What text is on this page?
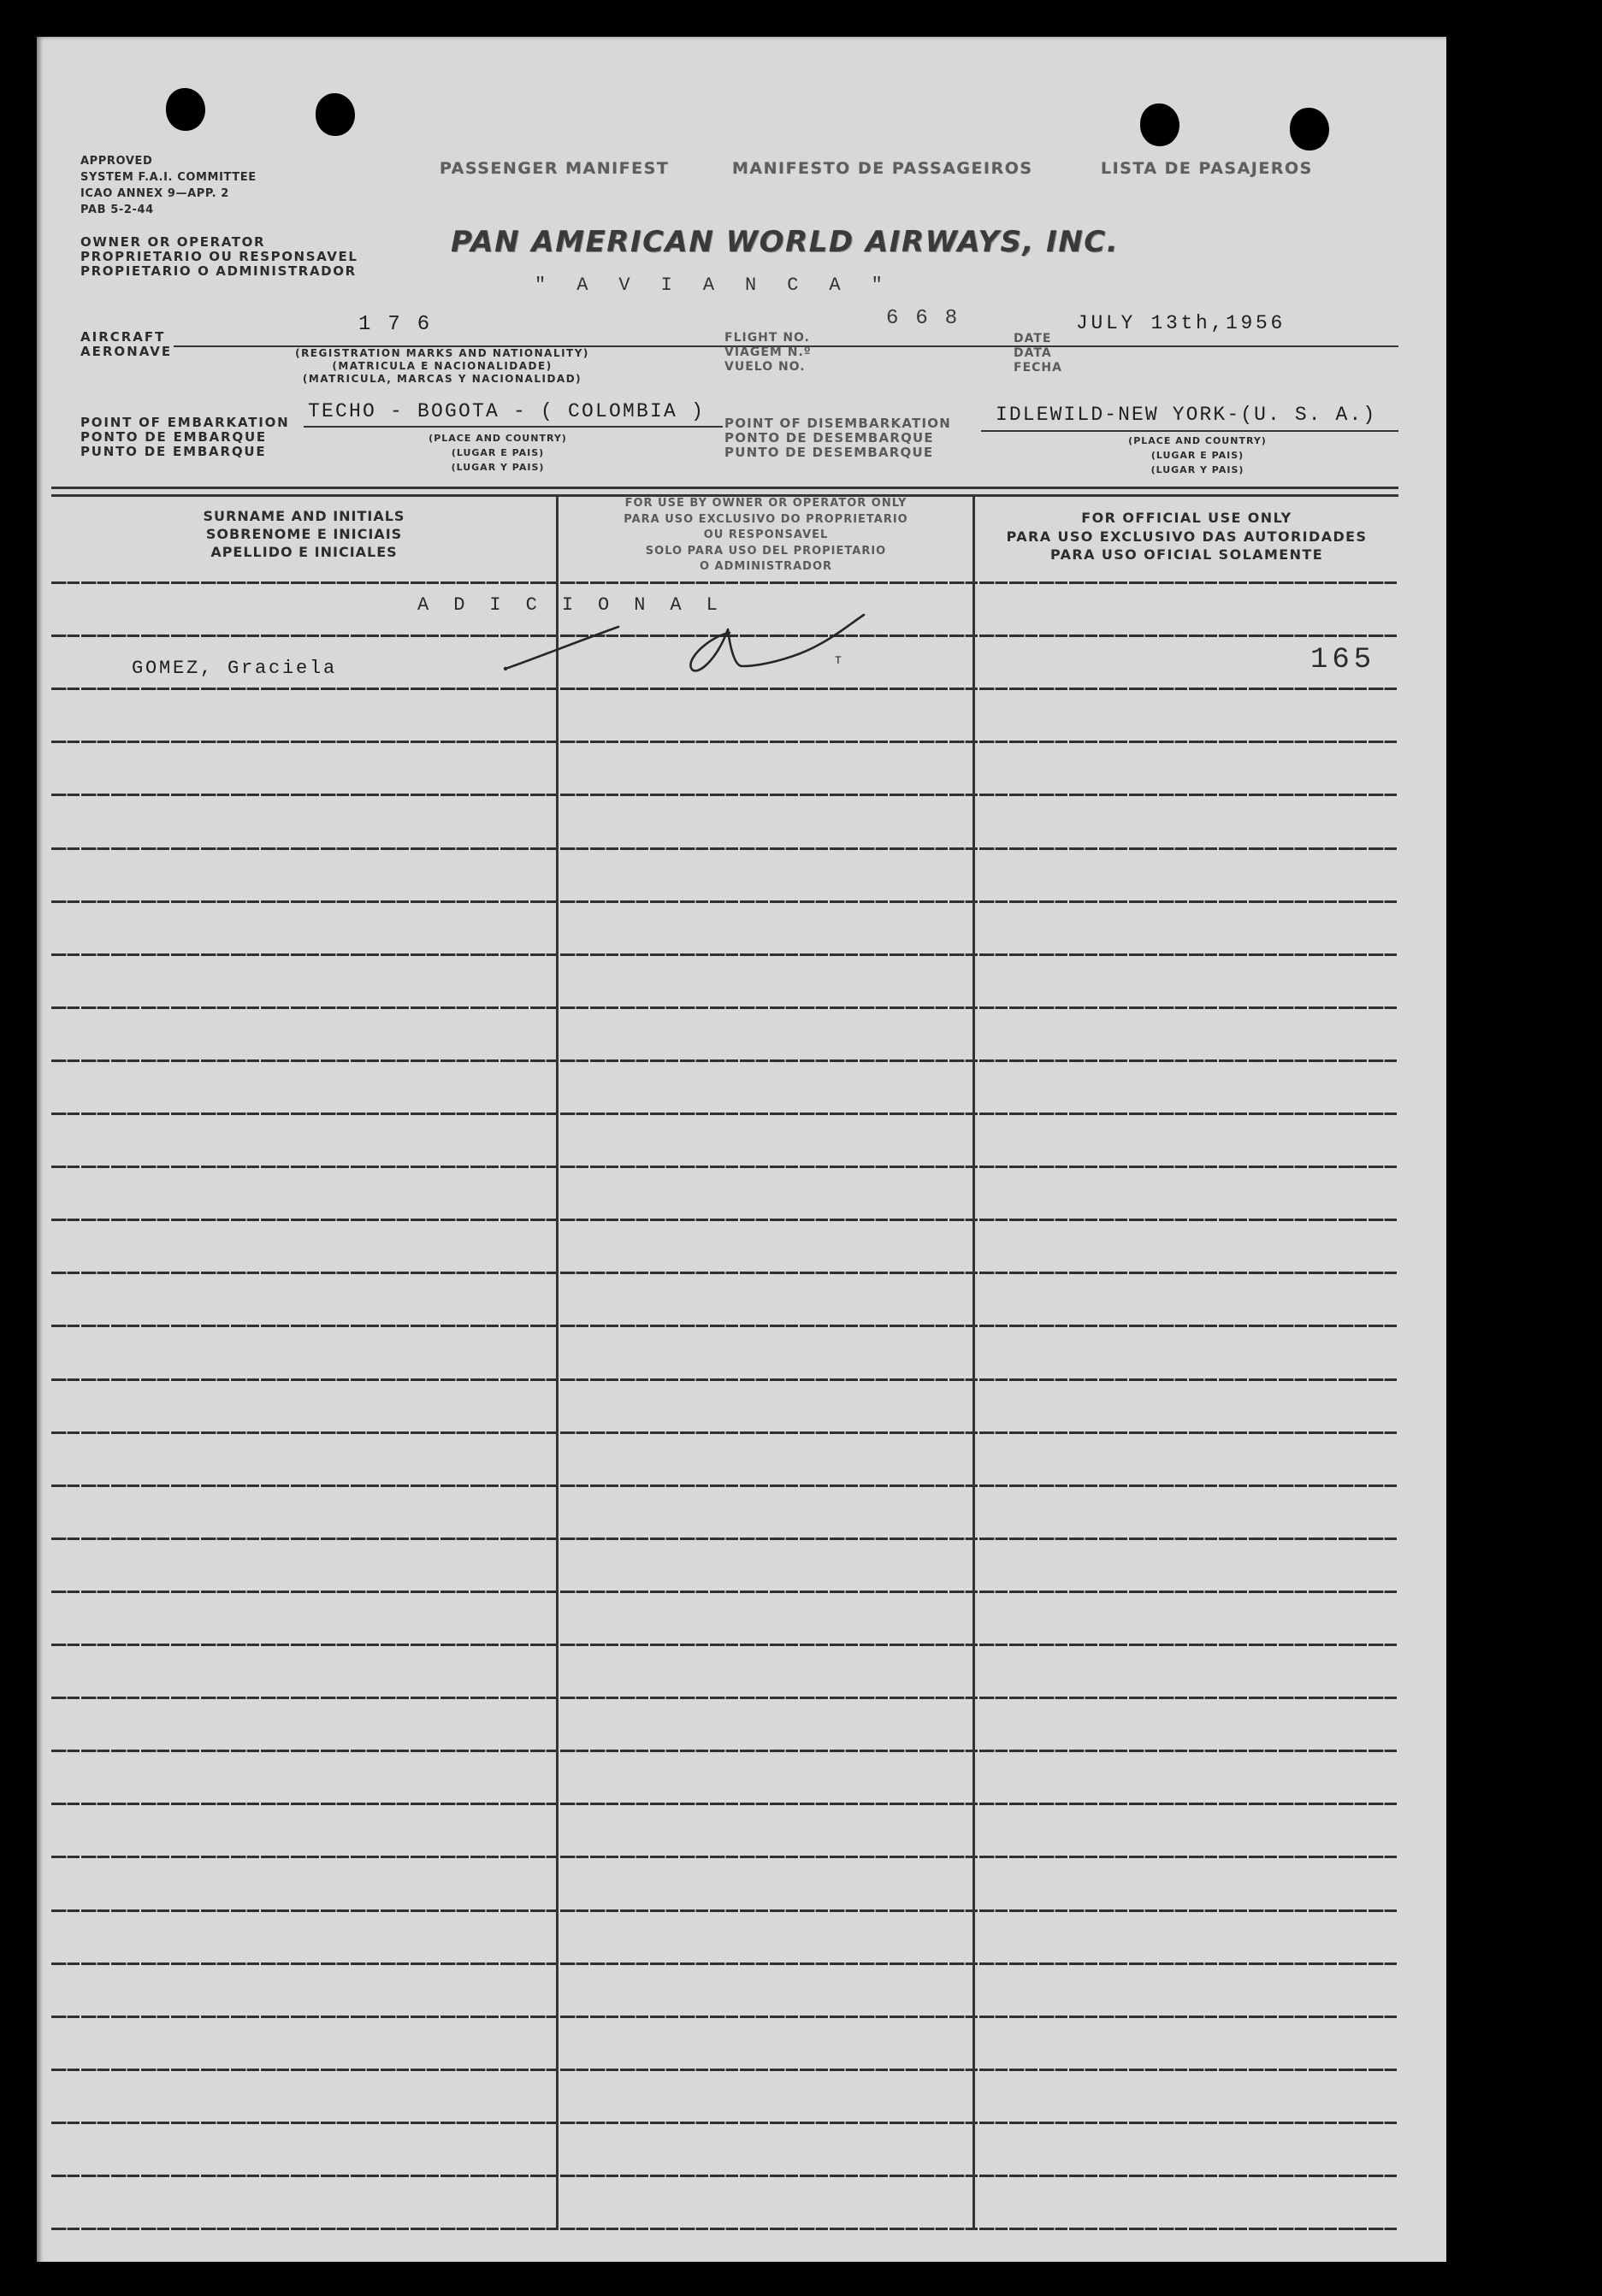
APPROVED
SYSTEM F.A.I. COMMITTEE
ICAO ANNEX 9—APP. 2
PAB 5-2-44
OWNER OR OPERATOR
PROPRIETARIO OU RESPONSAVEL
PROPIETARIO O ADMINISTRADOR
PASSENGER MANIFEST	MANIFESTO DE PASSAGEIROS	LISTA DE PASAJEROS
PAN AMERICAN WORLD AIRWAYS, INC.
" A V I A N C A "
AIRCRAFT
AERONAVE
1 7 6
(REGISTRATION MARKS AND NATIONALITY)
(MATRICULA E NACIONALIDADE)
(MATRICULA, MARCAS Y NACIONALIDAD)
FLIGHT NO.
VIAGEM N.º
VUELO NO.
6 6 8
DATE
DATA
FECHA
JULY 13th,1956
POINT OF EMBARKATION
PONTO DE EMBARQUE
PUNTO DE EMBARQUE
TECHO - BOGOTA - ( COLOMBIA )
(PLACE AND COUNTRY)
(LUGAR E PAIS)
(LUGAR Y PAIS)
POINT OF DISEMBARKATION
PONTO DE DESEMBARQUE
PUNTO DE DESEMBARQUE
IDLEWILD-NEW YORK-(U. S. A.)
(PLACE AND COUNTRY)
(LUGAR E PAIS)
(LUGAR Y PAIS)
SURNAME AND INITIALS
SOBRENOME E INICIAIS
APELLIDO E INICIALES
FOR USE BY OWNER OR OPERATOR ONLY
PARA USO EXCLUSIVO DO PROPRIETARIO
OU RESPONSAVEL
SOLO PARA USO DEL PROPIETARIO
O ADMINISTRADOR
FOR OFFICIAL USE ONLY
PARA USO EXCLUSIVO DAS AUTORIDADES
PARA USO OFICIAL SOLAMENTE
A D I C I O N A L
GOMEZ, Graciela	T	165
